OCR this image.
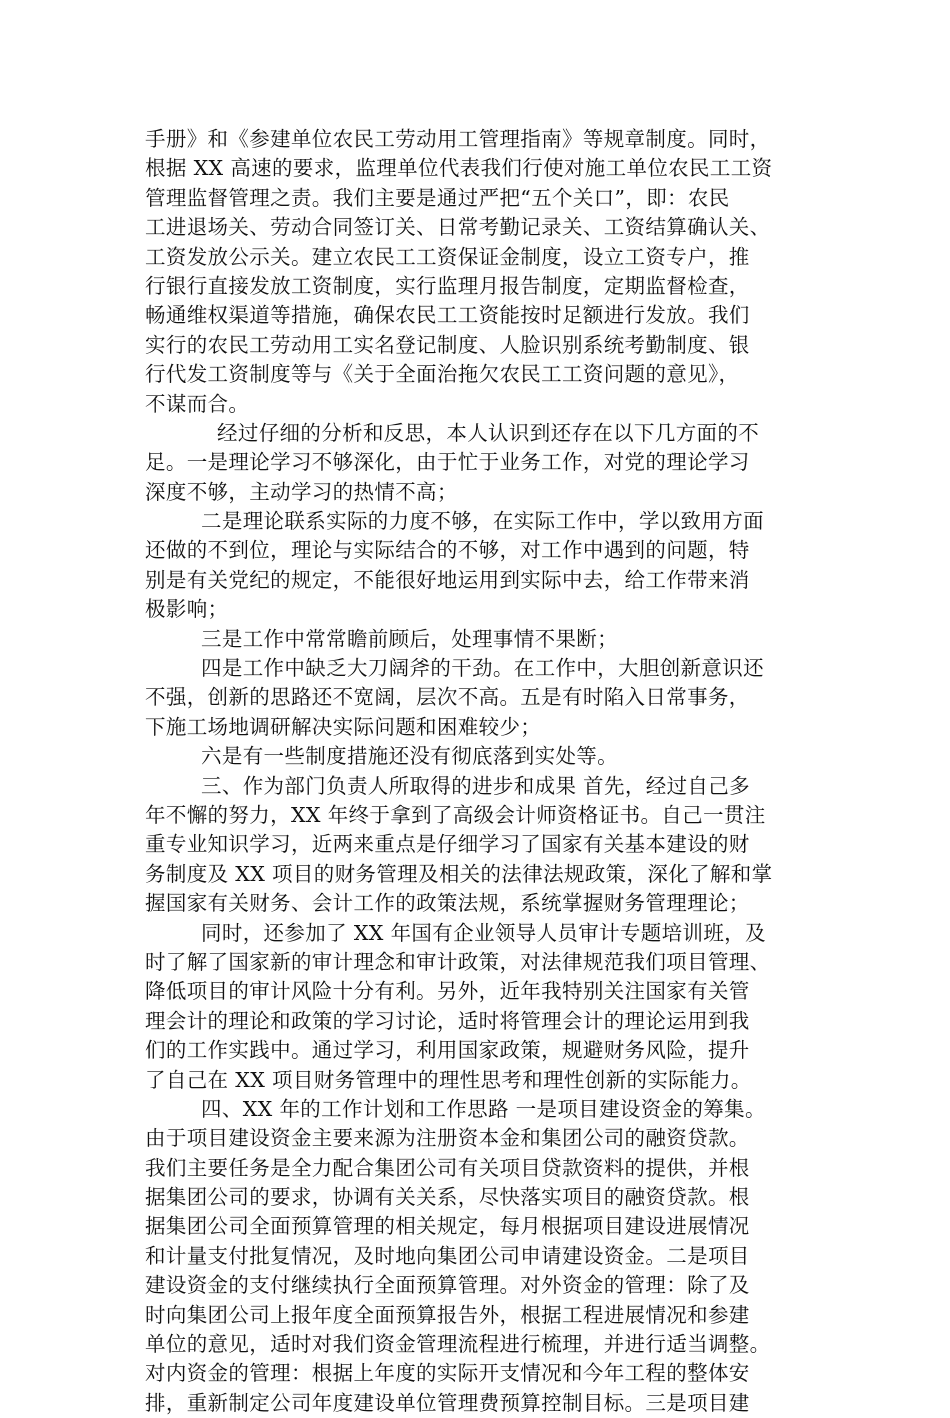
手册》和《参建单位农民工劳动用工管理指南》等规章制度。同时，
根据 XX 高速的要求，监理单位代表我们行使对施工单位农民工工资
管理监督管理之责。我们主要是通过严把“五个关口”，即：农民
工进退场关、劳动合同签订关、日常考勤记录关、工资结算确认关、
工资发放公示关。建立农民工工资保证金制度，设立工资专户，推
行银行直接发放工资制度，实行监理月报告制度，定期监督检查，
畅通维权渠道等措施，确保农民工工资能按时足额进行发放。我们
实行的农民工劳动用工实名登记制度、人脸识别系统考勤制度、银
行代发工资制度等与《关于全面治拖欠农民工工资问题的意见》，
不谋而合。
经过仔细的分析和反思，本人认识到还存在以下几方面的不
足。一是理论学习不够深化，由于忙于业务工作，对党的理论学习
深度不够，主动学习的热情不高；
二是理论联系实际的力度不够，在实际工作中，学以致用方面
还做的不到位，理论与实际结合的不够，对工作中遇到的问题，特
别是有关党纪的规定，不能很好地运用到实际中去，给工作带来消
极影响；
三是工作中常常瞻前顾后，处理事情不果断；
四是工作中缺乏大刀阔斧的干劲。在工作中，大胆创新意识还
不强，创新的思路还不宽阔，层次不高。五是有时陷入日常事务，
下施工场地调研解决实际问题和困难较少；
六是有一些制度措施还没有彻底落到实处等。
三、作为部门负责人所取得的进步和成果 首先，经过自己多
年不懈的努力，XX 年终于拿到了高级会计师资格证书。自己一贯注
重专业知识学习，近两来重点是仔细学习了国家有关基本建设的财
务制度及 XX 项目的财务管理及相关的法律法规政策，深化了解和掌
握国家有关财务、会计工作的政策法规，系统掌握财务管理理论；
同时，还参加了 XX 年国有企业领导人员审计专题培训班，及
时了解了国家新的审计理念和审计政策，对法律规范我们项目管理、
降低项目的审计风险十分有利。另外，近年我特别关注国家有关管
理会计的理论和政策的学习讨论，适时将管理会计的理论运用到我
们的工作实践中。通过学习，利用国家政策，规避财务风险，提升
了自己在 XX 项目财务管理中的理性思考和理性创新的实际能力。
四、XX 年的工作计划和工作思路 一是项目建设资金的筹集。
由于项目建设资金主要来源为注册资本金和集团公司的融资贷款。
我们主要任务是全力配合集团公司有关项目贷款资料的提供，并根
据集团公司的要求，协调有关关系，尽快落实项目的融资贷款。根
据集团公司全面预算管理的相关规定，每月根据项目建设进展情况
和计量支付批复情况，及时地向集团公司申请建设资金。二是项目
建设资金的支付继续执行全面预算管理。对外资金的管理：除了及
时向集团公司上报年度全面预算报告外，根据工程进展情况和参建
单位的意见，适时对我们资金管理流程进行梳理，并进行适当调整。
对内资金的管理：根据上年度的实际开支情况和今年工程的整体安
排，重新制定公司年度建设单位管理费预算控制目标。三是项目建
